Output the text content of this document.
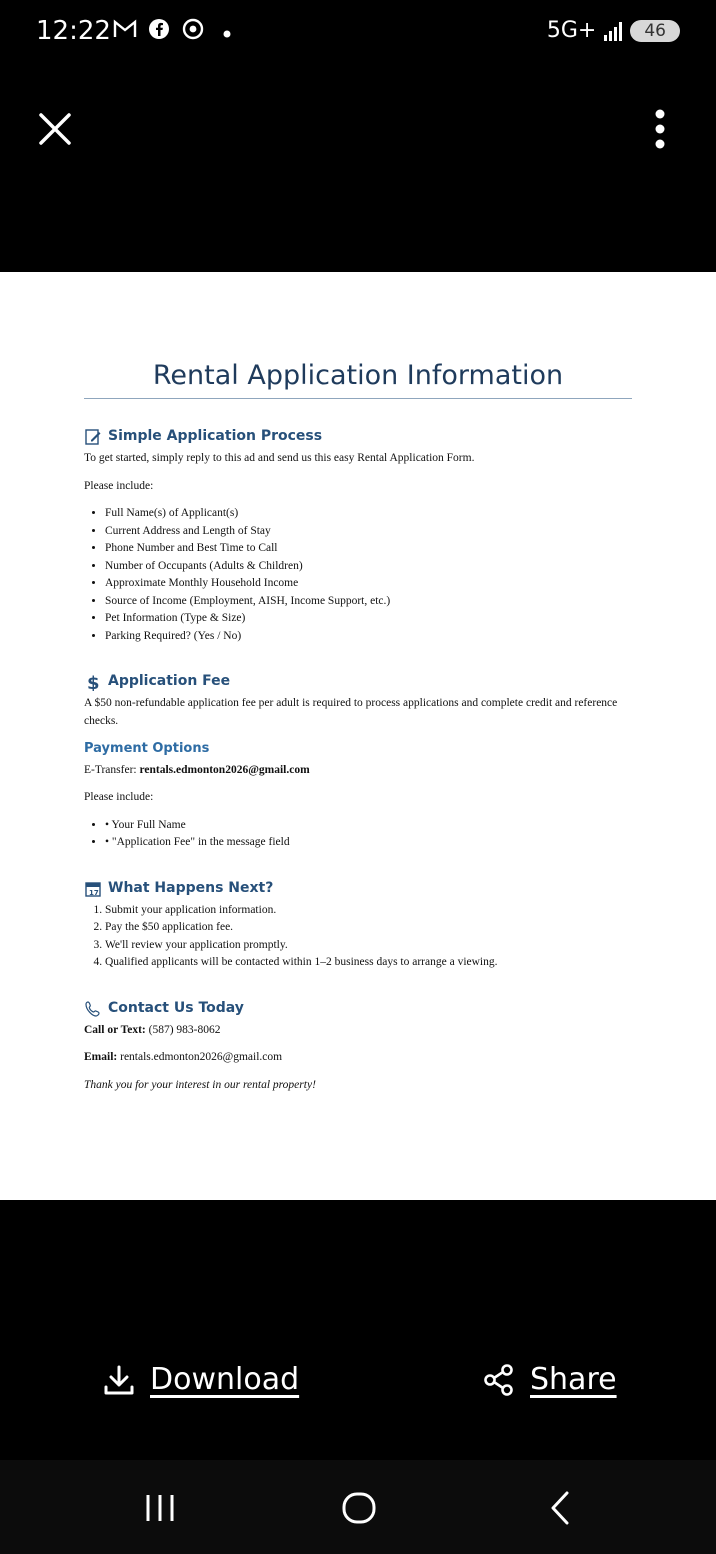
12:22	5G+	46
Rental Application Information
Simple Application Process

To get started, simply reply to this ad and send us this easy Rental Application Form.

Please include:

• Full Name(s) of Applicant(s)
• Current Address and Length of Stay
• Phone Number and Best Time to Call
• Number of Occupants (Adults & Children)
• Approximate Monthly Household Income
• Source of Income (Employment, AISH, Income Support, etc.)
• Pet Information (Type & Size)
• Parking Required? (Yes / No)
$ Application Fee

A $50 non-refundable application fee per adult is required to process applications and complete credit and reference checks.

Payment Options

E-Transfer: rentals.edmonton2026@gmail.com

Please include:

• • Your Full Name
• • "Application Fee" in the message field
17 What Happens Next?
1. Submit your application information.
2. Pay the $50 application fee.
3. We'll review your application promptly.
4. Qualified applicants will be contacted within 1–2 business days to arrange a viewing.
Contact Us Today

Call or Text: (587) 983-8062

Email: rentals.edmonton2026@gmail.com

Thank you for your interest in our rental property!

Download	Share
